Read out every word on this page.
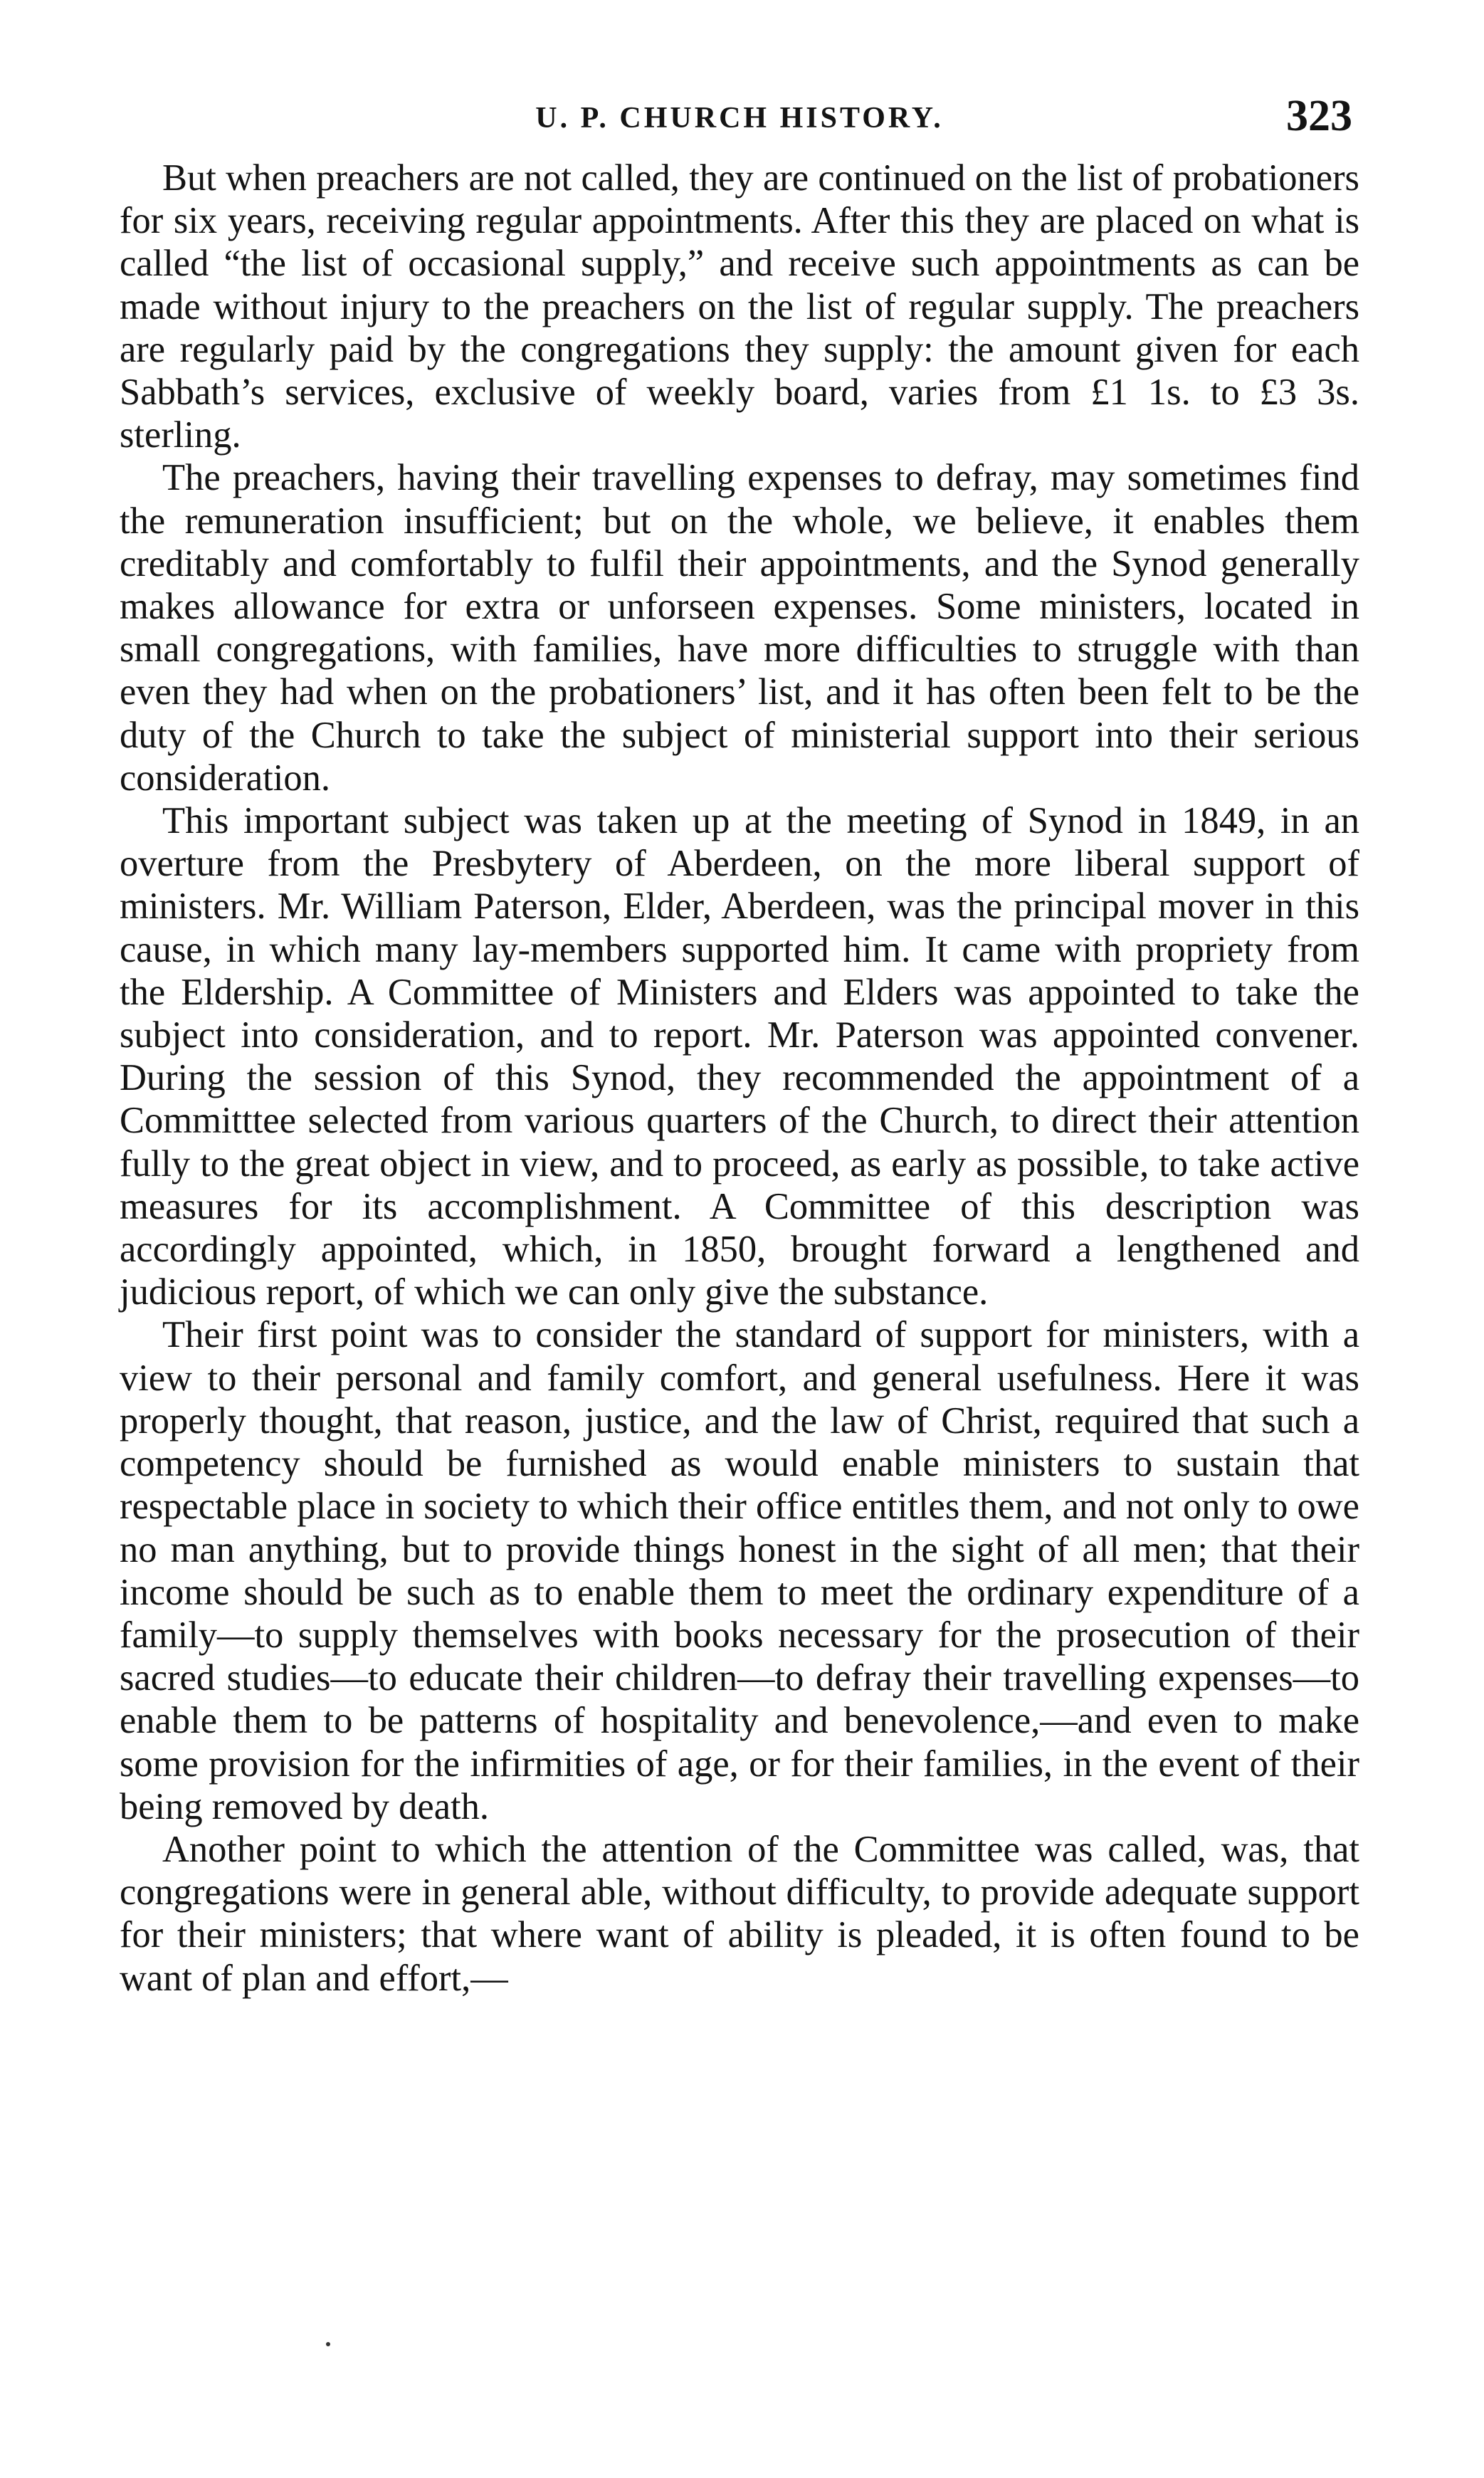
U. P. CHURCH HISTORY.	323

But when preachers are not called, they are continued on the list of probationers for six years, receiving regular appointments. After this they are placed on what is called “the list of occasional supply,” and receive such appointments as can be made without injury to the preachers on the list of regular supply. The preachers are regularly paid by the congregations they supply: the amount given for each Sabbath’s services, exclusive of weekly board, varies from £1 1s. to £3 3s. sterling.

The preachers, having their travelling expenses to defray, may sometimes find the remuneration insufficient; but on the whole, we believe, it enables them creditably and comfortably to fulfil their appointments, and the Synod generally makes allowance for extra or unforseen expenses. Some ministers, located in small congregations, with families, have more difficulties to struggle with than even they had when on the probationers’ list, and it has often been felt to be the duty of the Church to take the subject of ministerial support into their serious consideration.

This important subject was taken up at the meeting of Synod in 1849, in an overture from the Presbytery of Aberdeen, on the more liberal support of ministers. Mr. William Paterson, Elder, Aberdeen, was the principal mover in this cause, in which many lay-members supported him. It came with propriety from the Eldership. A Committee of Ministers and Elders was appointed to take the subject into consideration, and to report. Mr. Paterson was appointed convener. During the session of this Synod, they recommended the appointment of a Committtee selected from various quarters of the Church, to direct their attention fully to the great object in view, and to proceed, as early as possible, to take active measures for its accomplishment. A Committee of this description was accordingly appointed, which, in 1850, brought forward a lengthened and judicious report, of which we can only give the substance.

Their first point was to consider the standard of support for ministers, with a view to their personal and family comfort, and general usefulness. Here it was properly thought, that reason, justice, and the law of Christ, required that such a competency should be furnished as would enable ministers to sustain that respectable place in society to which their office entitles them, and not only to owe no man anything, but to provide things honest in the sight of all men; that their income should be such as to enable them to meet the ordinary expenditure of a family—to supply themselves with books necessary for the prosecution of their sacred studies—to educate their children—to defray their travelling expenses—to enable them to be patterns of hospitality and benevolence,—and even to make some provision for the infirmities of age, or for their families, in the event of their being removed by death.

Another point to which the attention of the Committee was called, was, that congregations were in general able, without difficulty, to provide adequate support for their ministers; that where want of ability is pleaded, it is often found to be want of plan and effort,—
